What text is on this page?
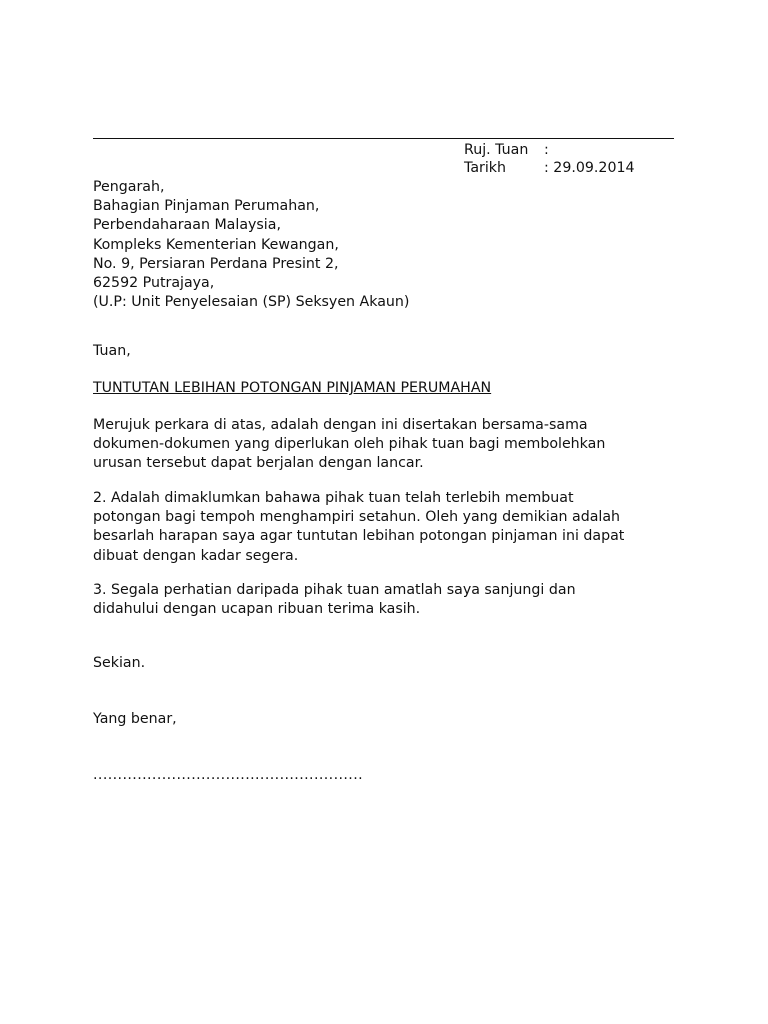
Ruj. Tuan :
Tarikh	: 29.09.2014
Pengarah,
Bahagian Pinjaman Perumahan,
Perbendaharaan Malaysia,
Kompleks Kementerian Kewangan,
No. 9, Persiaran Perdana Presint 2,
62592 Putrajaya,
(U.P: Unit Penyelesaian (SP) Seksyen Akaun)
Tuan,
TUNTUTAN LEBIHAN POTONGAN PINJAMAN PERUMAHAN
Merujuk perkara di atas, adalah dengan ini disertakan bersama-sama
dokumen-dokumen yang diperlukan oleh pihak tuan bagi membolehkan
urusan tersebut dapat berjalan dengan lancar.
2. Adalah dimaklumkan bahawa pihak tuan telah terlebih membuat
potongan bagi tempoh menghampiri setahun. Oleh yang demikian adalah
besarlah harapan saya agar tuntutan lebihan potongan pinjaman ini dapat
dibuat dengan kadar segera.
3. Segala perhatian daripada pihak tuan amatlah saya sanjungi dan
didahului dengan ucapan ribuan terima kasih.
Sekian.
Yang benar,
.......................................................
